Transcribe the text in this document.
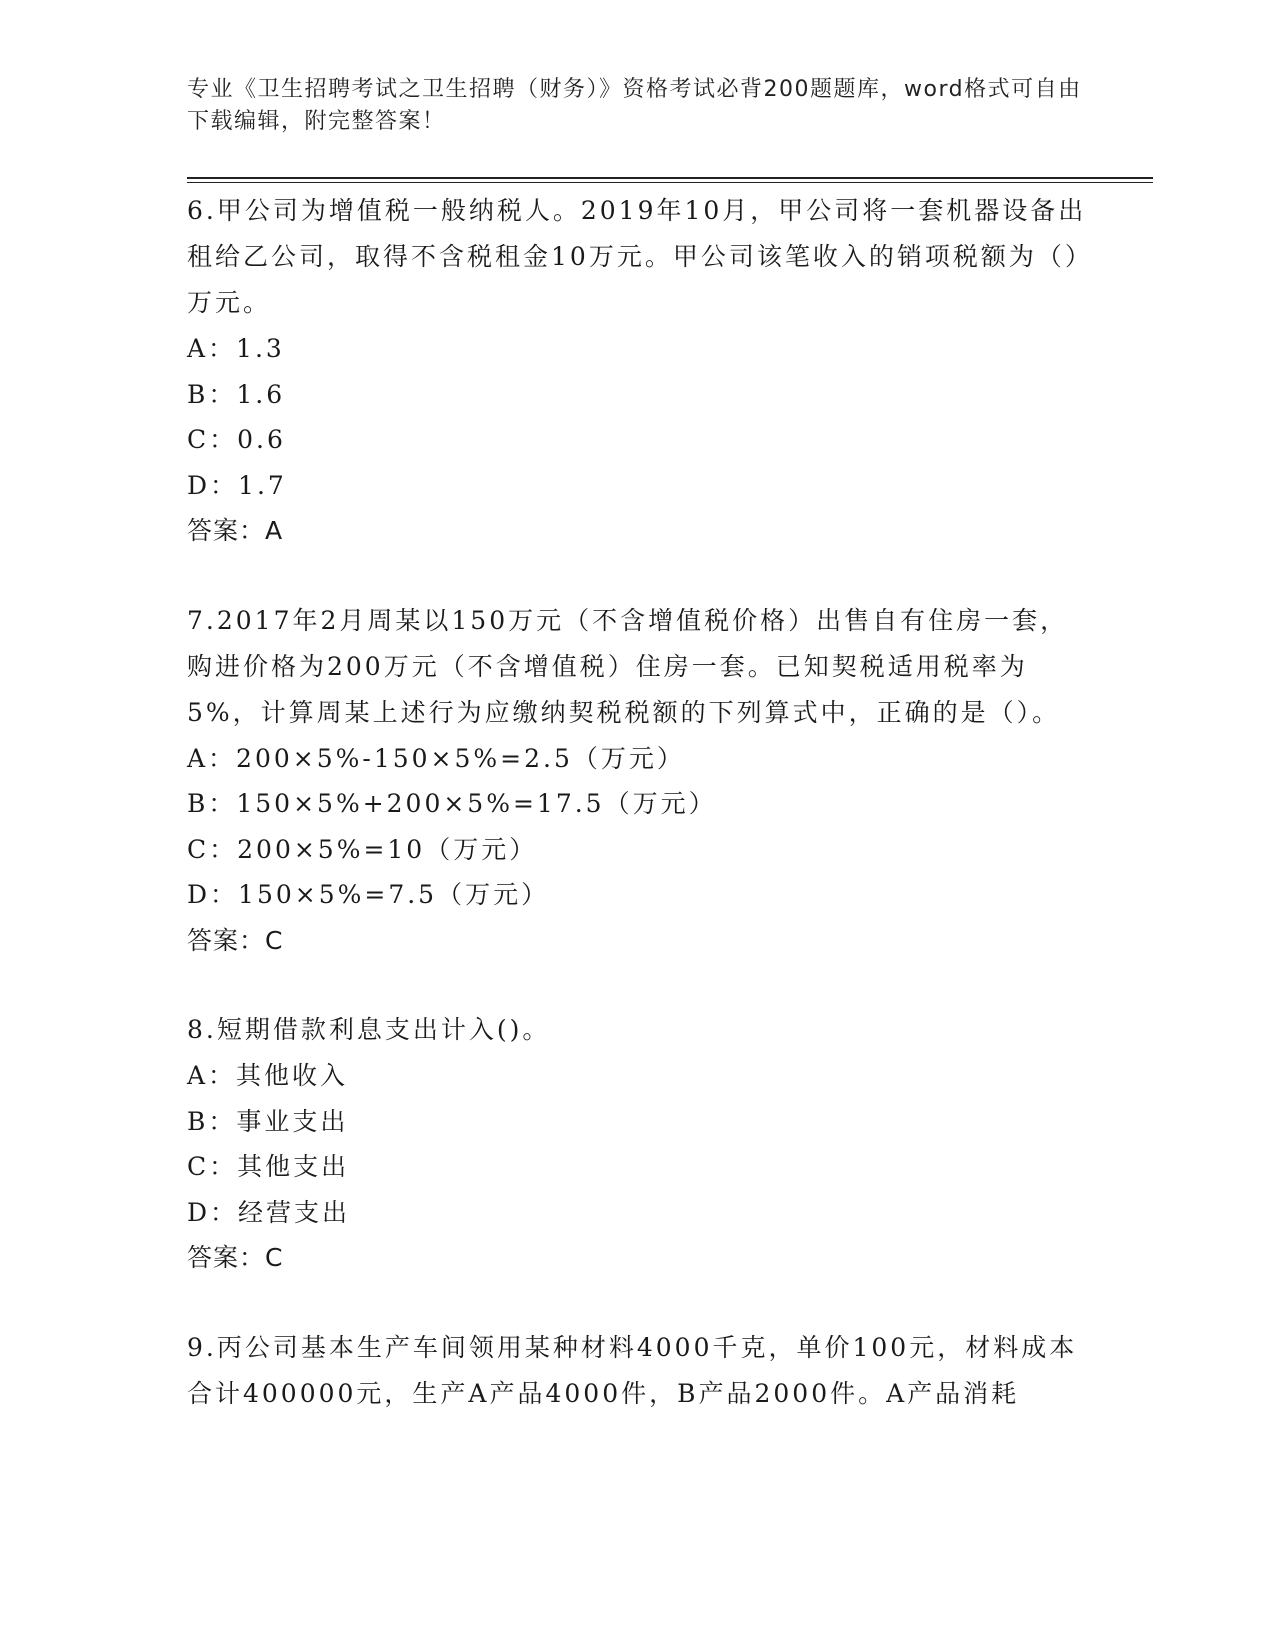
专业《卫生招聘考试之卫生招聘（财务）》资格考试必背200题题库，word格式可自由下载编辑，附完整答案！

6.甲公司为增值税一般纳税人。2019年10月，甲公司将一套机器设备出租给乙公司，取得不含税租金10万元。甲公司该笔收入的销项税额为（）万元。

A：1.3

B：1.6

C：0.6

D：1.7

答案：A

7.2017年2月周某以150万元（不含增值税价格）出售自有住房一套，购进价格为200万元（不含增值税）住房一套。已知契税适用税率为5%，计算周某上述行为应缴纳契税税额的下列算式中，正确的是（）。

A：200×5%-150×5%=2.5（万元）

B：150×5%+200×5%=17.5（万元）

C：200×5%=10（万元）

D：150×5%=7.5（万元）

答案：C

8.短期借款利息支出计入()。

A：其他收入

B：事业支出

C：其他支出

D：经营支出

答案：C

9.丙公司基本生产车间领用某种材料4000千克，单价100元，材料成本合计400000元，生产A产品4000件，B产品2000件。A产品消耗
